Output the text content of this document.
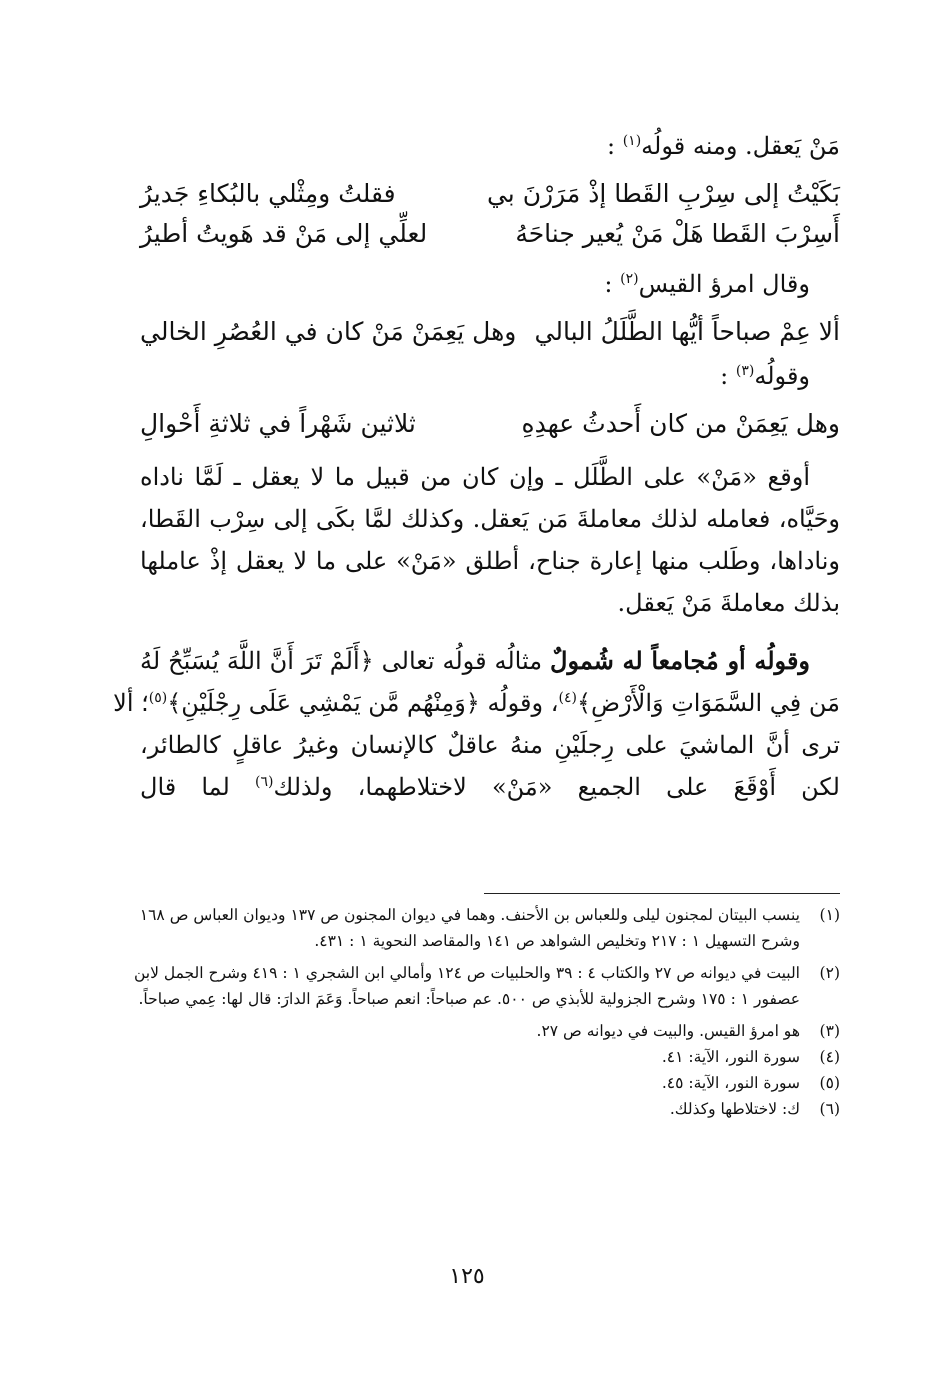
مَنْ يَعقل. ومنه قولُه$^{(١)}$ :
بَكَيْتُ إلى سِرْبِ القَطا إذْ مَرَرْنَ بي
فقلتُ ومِثْلي بالبُكاءِ جَديرُ
أَسِرْبَ القَطا هَلْ مَنْ يُعير جناحَهُ
لعلِّي إلى مَنْ قد هَويتُ أطيرُ
وقال امرؤ القيس$^{(٢)}$ :
ألا عِمْ صباحاً أيُّها الطَّلَلُ البالي
وهل يَعِمَنْ مَنْ كان في العُصُرِ الخالي
وقولُه$^{(٣)}$ :
وهل يَعِمَنْ من كان أَحدثُ عهدِهِ
ثلاثين شَهْراً في ثلاثةِ أَحْوالِ
أوقع «مَنْ» على الطَّلَل ـ وإن كان من قبيل ما لا يعقل ـ لَمَّا ناداه
وحَيَّاه، فعامله لذلك معاملةَ مَن يَعقل. وكذلك لمَّا بكَى إلى سِرْب القَطا،
وناداها، وطَلب منها إعارة جناح، أطلق «مَنْ» على ما لا يعقل إذْ عاملها
بذلك معاملةَ مَنْ يَعقل.
وقولُه أو مُجامعاً له شُمولٌ مثالُه قولُه تعالى ﴿أَلَمْ تَرَ أَنَّ اللَّهَ يُسَبِّحُ لَهُ
مَن فِي السَّمَوَاتِ وَالْأَرْضِ﴾$^{(٤)}$، وقولُه ﴿وَمِنْهُم مَّن يَمْشِي عَلَى رِجْلَيْنِ﴾$^{(٥)}$؛ ألا
ترى أنَّ الماشيَ على رِجلَيْنِ منهُ عاقلٌ كالإنسان وغيرُ عاقلٍ كالطائر،
لكن أَوْقَعَ على الجميع «مَنْ» لاختلاطهما، ولذلك$^{(٦)}$ لما قال
(١)
ينسب البيتان لمجنون ليلى وللعباس بن الأحنف. وهما في ديوان المجنون ص ١٣٧ وديوان العباس ص ١٦٨ وشرح التسهيل ١ : ٢١٧ وتخليص الشواهد ص ١٤١ والمقاصد النحوية ١ : ٤٣١.
(٢)
البيت في ديوانه ص ٢٧ والكتاب ٤ : ٣٩ والحلبيات ص ١٢٤ وأمالي ابن الشجري ١ : ٤١٩ وشرح الجمل لابن عصفور ١ : ١٧٥ وشرح الجزولية للأبذي ص ٥٠٠. عم صباحاً: انعم صباحاً. وَعَمَ الدارَ: قال لها: عِمي صباحاً.
(٣)
هو امرؤ القيس. والبيت في ديوانه ص ٢٧.
(٤)
سورة النور، الآية: ٤١.
(٥)
سورة النور، الآية: ٤٥.
(٦)
ك: لاختلاطها وكذلك.
١٢٥
